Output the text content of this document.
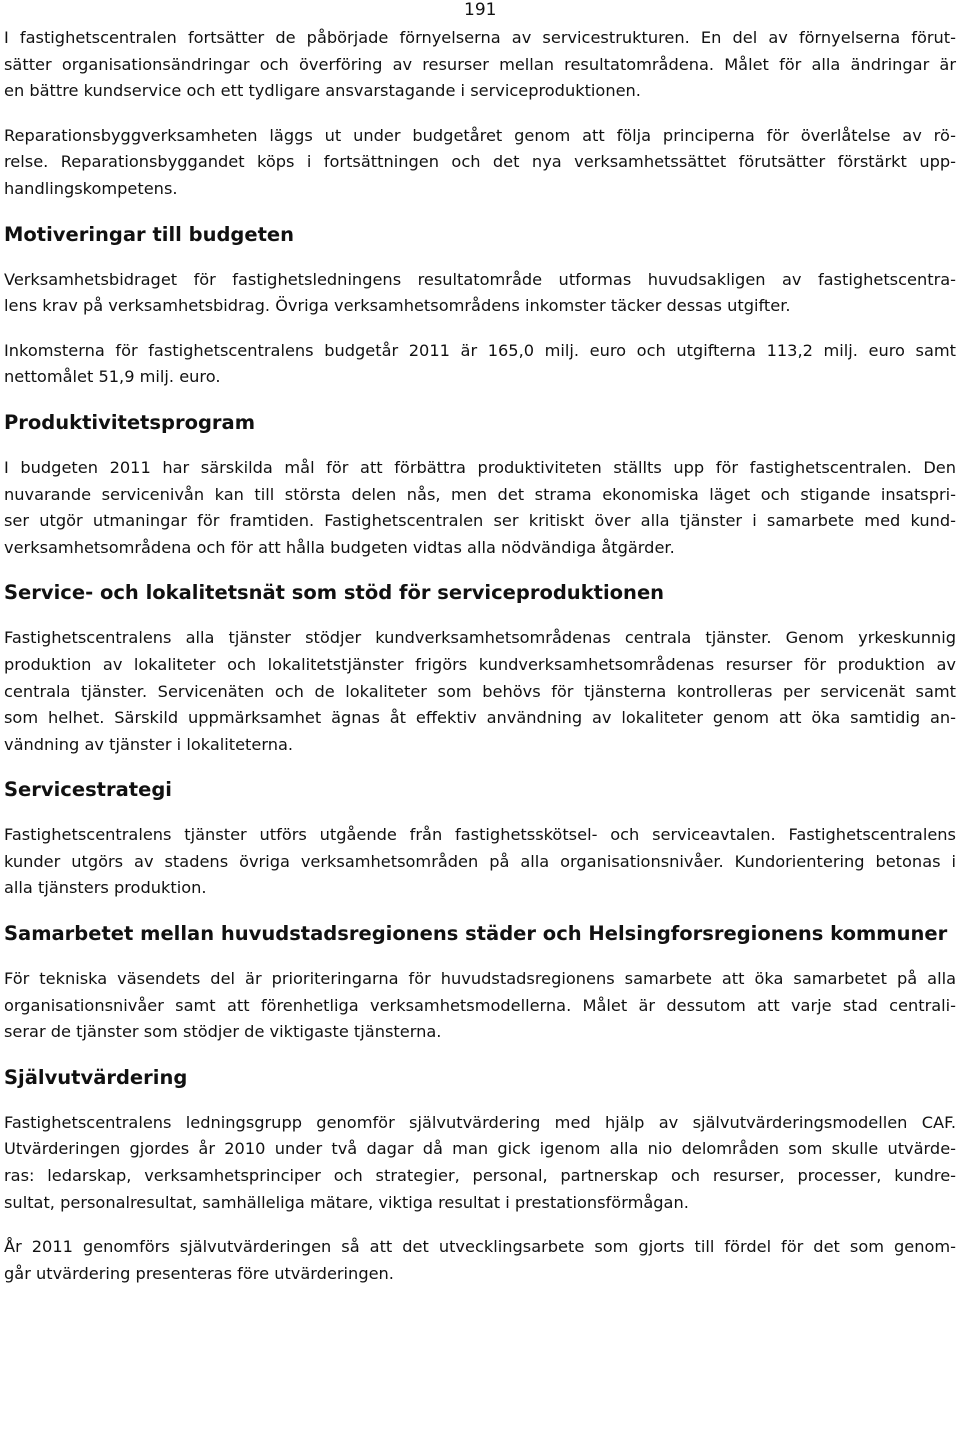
191

I fastighetscentralen fortsätter de påbörjade förnyelserna av servicestrukturen. En del av förnyelserna förut-
sätter organisationsändringar och överföring av resurser mellan resultatområdena. Målet för alla ändringar är
en bättre kundservice och ett tydligare ansvarstagande i serviceproduktionen.

Reparationsbyggverksamheten läggs ut under budgetåret genom att följa principerna för överlåtelse av rö-
relse. Reparationsbyggandet köps i fortsättningen och det nya verksamhetssättet förutsätter förstärkt upp-
handlingskompetens.

Motiveringar till budgeten

Verksamhetsbidraget för fastighetsledningens resultatområde utformas huvudsakligen av fastighetscentra-
lens krav på verksamhetsbidrag. Övriga verksamhetsområdens inkomster täcker dessas utgifter.

Inkomsterna för fastighetscentralens budgetår 2011 är 165,0 milj. euro och utgifterna 113,2 milj. euro samt
nettomålet 51,9 milj. euro.

Produktivitetsprogram

I budgeten 2011 har särskilda mål för att förbättra produktiviteten ställts upp för fastighetscentralen. Den
nuvarande servicenivån kan till största delen nås, men det strama ekonomiska läget och stigande insatspri-
ser utgör utmaningar för framtiden. Fastighetscentralen ser kritiskt över alla tjänster i samarbete med kund-
verksamhetsområdena och för att hålla budgeten vidtas alla nödvändiga åtgärder.

Service- och lokalitetsnät som stöd för serviceproduktionen

Fastighetscentralens alla tjänster stödjer kundverksamhetsområdenas centrala tjänster. Genom yrkeskunnig
produktion av lokaliteter och lokalitetstjänster frigörs kundverksamhetsområdenas resurser för produktion av
centrala tjänster. Servicenäten och de lokaliteter som behövs för tjänsterna kontrolleras per servicenät samt
som helhet. Särskild uppmärksamhet ägnas åt effektiv användning av lokaliteter genom att öka samtidig an-
vändning av tjänster i lokaliteterna.

Servicestrategi

Fastighetscentralens tjänster utförs utgående från fastighetsskötsel- och serviceavtalen. Fastighetscentralens
kunder utgörs av stadens övriga verksamhetsområden på alla organisationsnivåer. Kundorientering betonas i
alla tjänsters produktion.

Samarbetet mellan huvudstadsregionens städer och Helsingforsregionens kommuner

För tekniska väsendets del är prioriteringarna för huvudstadsregionens samarbete att öka samarbetet på alla
organisationsnivåer samt att förenhetliga verksamhetsmodellerna. Målet är dessutom att varje stad centrali-
serar de tjänster som stödjer de viktigaste tjänsterna.

Självutvärdering

Fastighetscentralens ledningsgrupp genomför självutvärdering med hjälp av självutvärderingsmodellen CAF.
Utvärderingen gjordes år 2010 under två dagar då man gick igenom alla nio delområden som skulle utvärde-
ras: ledarskap, verksamhetsprinciper och strategier, personal, partnerskap och resurser, processer, kundre-
sultat, personalresultat, samhälleliga mätare, viktiga resultat i prestationsförmågan.

År 2011 genomförs självutvärderingen så att det utvecklingsarbete som gjorts till fördel för det som genom-
går utvärdering presenteras före utvärderingen.
